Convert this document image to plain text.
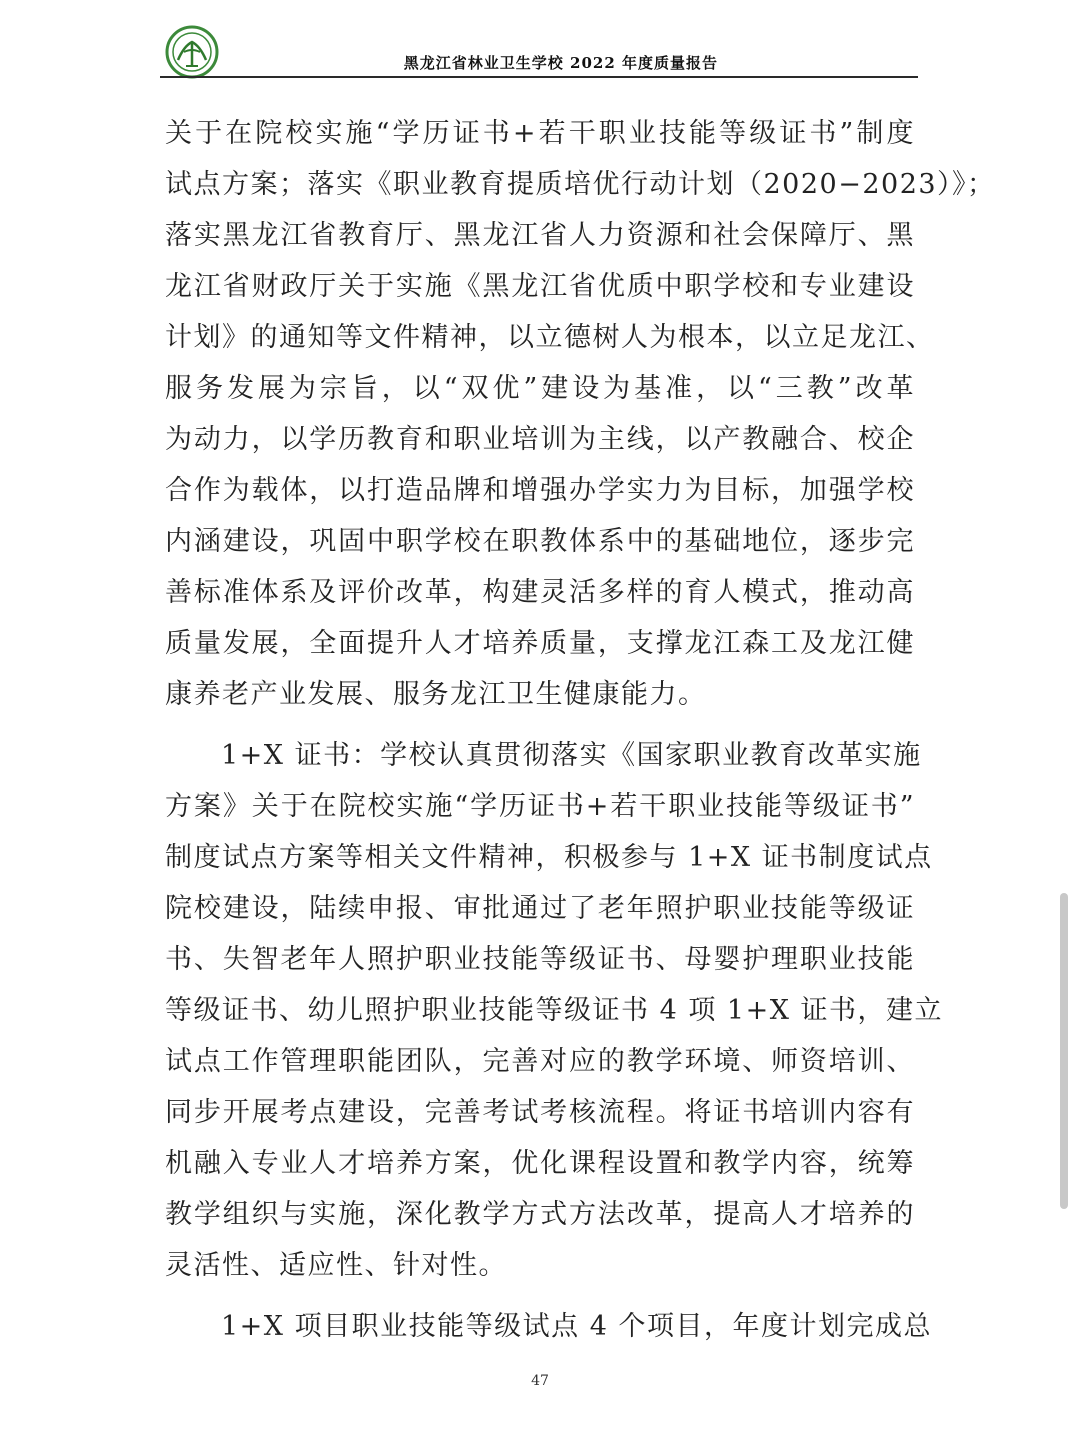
黑龙江省林业卫生学校 2022 年度质量报告

关于在院校实施“学历证书+若干职业技能等级证书”制度
试点方案；落实《职业教育提质培优行动计划（2020−2023）》；
落实黑龙江省教育厅、黑龙江省人力资源和社会保障厅、黑
龙江省财政厅关于实施《黑龙江省优质中职学校和专业建设
计划》的通知等文件精神，以立德树人为根本，以立足龙江、
服务发展为宗旨，以“双优”建设为基准，以“三教”改革
为动力，以学历教育和职业培训为主线，以产教融合、校企
合作为载体，以打造品牌和增强办学实力为目标，加强学校
内涵建设，巩固中职学校在职教体系中的基础地位，逐步完
善标准体系及评价改革，构建灵活多样的育人模式，推动高
质量发展，全面提升人才培养质量，支撑龙江森工及龙江健
康养老产业发展、服务龙江卫生健康能力。

1+X 证书：学校认真贯彻落实《国家职业教育改革实施
方案》关于在院校实施“学历证书+若干职业技能等级证书”
制度试点方案等相关文件精神，积极参与 1+X 证书制度试点
院校建设，陆续申报、审批通过了老年照护职业技能等级证
书、失智老年人照护职业技能等级证书、母婴护理职业技能
等级证书、幼儿照护职业技能等级证书 4 项 1+X 证书，建立
试点工作管理职能团队，完善对应的教学环境、师资培训、
同步开展考点建设，完善考试考核流程。将证书培训内容有
机融入专业人才培养方案，优化课程设置和教学内容，统筹
教学组织与实施，深化教学方式方法改革，提高人才培养的
灵活性、适应性、针对性。

1+X 项目职业技能等级试点 4 个项目，年度计划完成总

47
